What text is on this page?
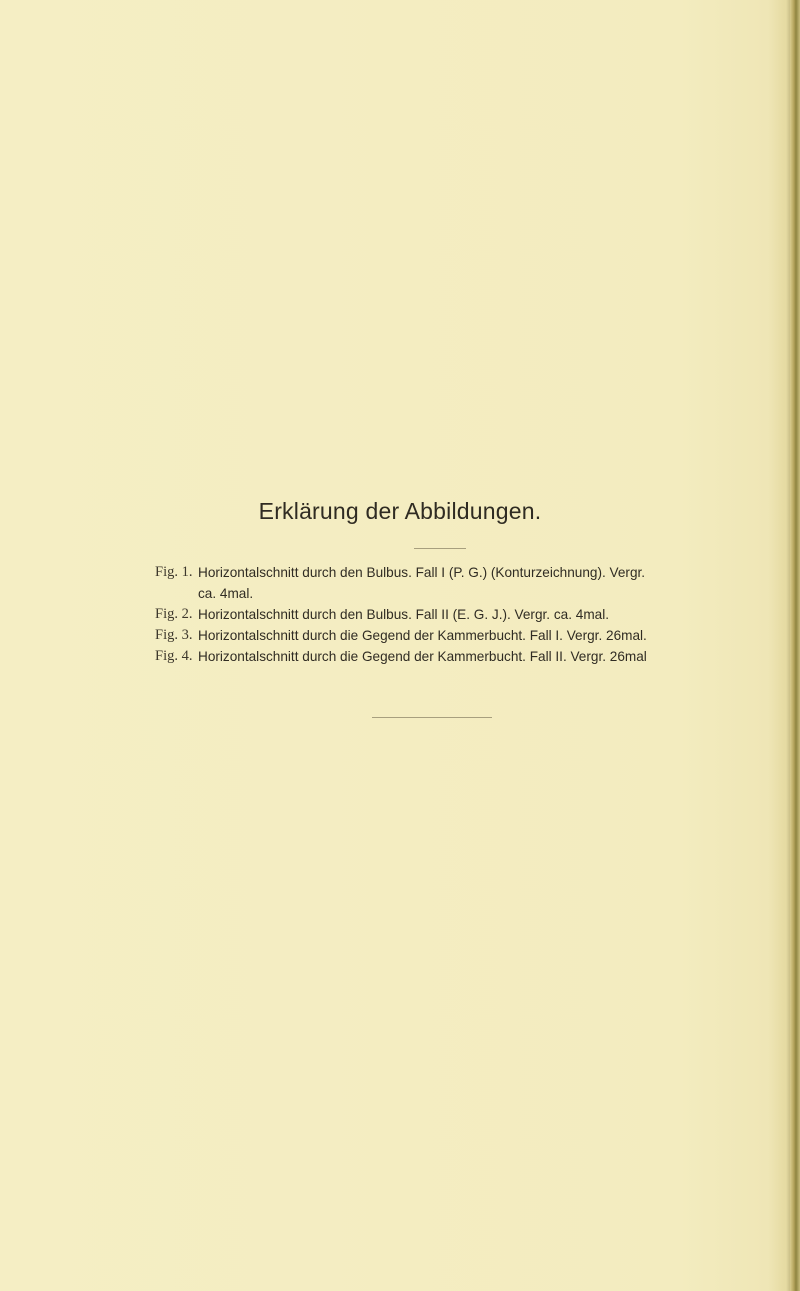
Erklärung der Abbildungen.
Fig. 1. Horizontalschnitt durch den Bulbus. Fall I (P. G.) (Konturzeichnung). Vergr.
ca. 4mal.
Fig. 2. Horizontalschnitt durch den Bulbus. Fall II (E. G. J.). Vergr. ca. 4mal.
Fig. 3. Horizontalschnitt durch die Gegend der Kammerbucht. Fall I. Vergr. 26mal.
Fig. 4. Horizontalschnitt durch die Gegend der Kammerbucht. Fall II. Vergr. 26mal
